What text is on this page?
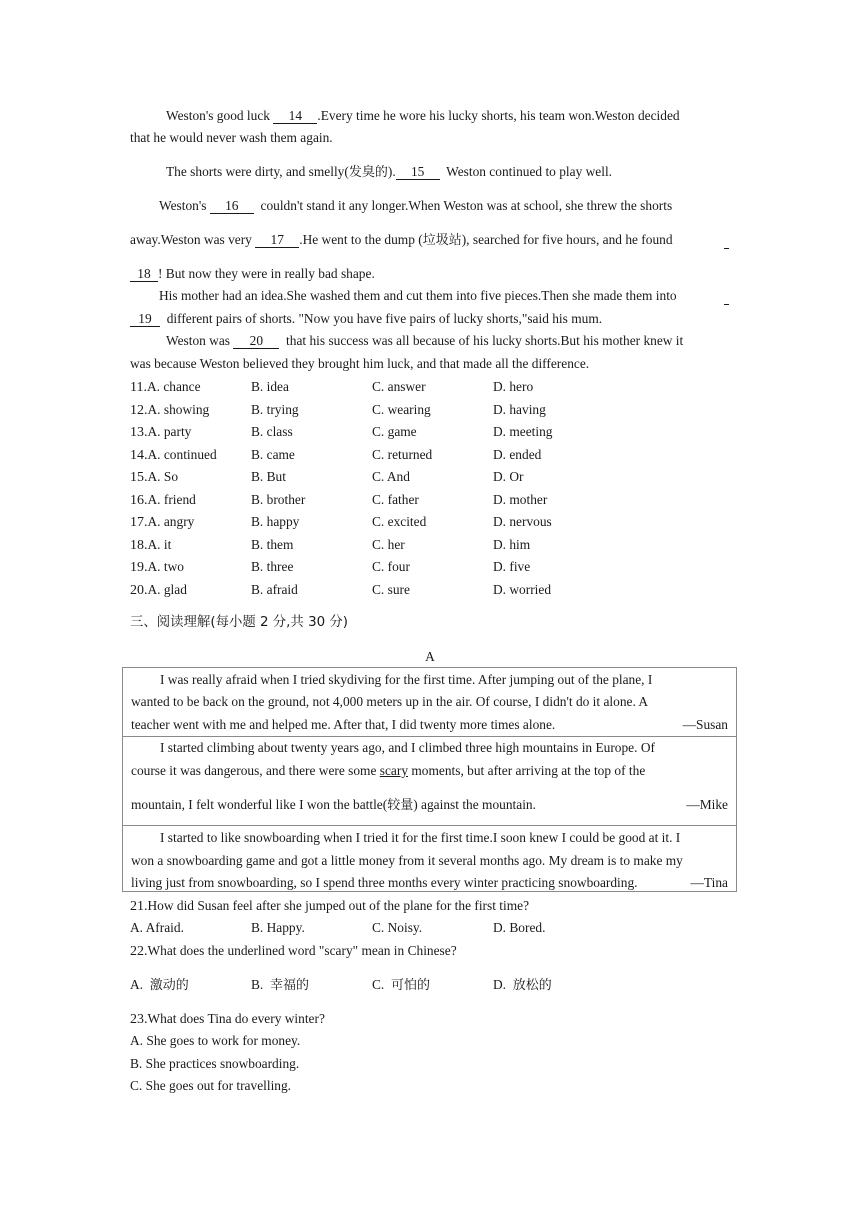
Weston's good luck 14 .Every time he wore his lucky shorts, his team won.Weston decided
that he would never wash them again.
The shorts were dirty, and smelly(发臭的). 15  Weston continued to play well.
Weston's 16  couldn't stand it any longer.When Weston was at school, she threw the shorts
away.Weston was very 17 .He went to the dump (垃圾站), searched for five hours, and he found
18 ! But now they were in really bad shape.
His mother had an idea.She washed them and cut them into five pieces.Then she made them into
19  different pairs of shorts. "Now you have five pairs of lucky shorts,"said his mum.
Weston was 20  that his success was all because of his lucky shorts.But his mother knew it
was because Weston believed they brought him luck, and that made all the difference.
11.A. chance	B. idea	C. answer	D. hero
12.A. showing	B. trying	C. wearing	D. having
13.A. party	B. class	C. game	D. meeting
14.A. continued	B. came	C. returned	D. ended
15.A. So	B. But	C. And	D. Or
16.A. friend	B. brother	C. father	D. mother
17.A. angry	B. happy	C. excited	D. nervous
18.A. it	B. them	C. her	D. him
19.A. two	B. three	C. four	D. five
20.A. glad	B. afraid	C. sure	D. worried
三、阅读理解(每小题 2 分,共 30 分)
A
I was really afraid when I tried skydiving for the first time. After jumping out of the plane, I
wanted to be back on the ground, not 4,000 meters up in the air. Of course, I didn't do it alone. A
teacher went with me and helped me. After that, I did twenty more times alone.	—Susan
I started climbing about twenty years ago, and I climbed three high mountains in Europe. Of
course it was dangerous, and there were some scary moments, but after arriving at the top of the
mountain, I felt wonderful like I won the battle(较量) against the mountain.	—Mike
I started to like snowboarding when I tried it for the first time.I soon knew I could be good at it. I
won a snowboarding game and got a little money from it several months ago. My dream is to make my
living just from snowboarding, so I spend three months every winter practicing snowboarding.	—Tina
21.How did Susan feel after she jumped out of the plane for the first time?
A. Afraid.	B. Happy.	C. Noisy.	D. Bored.
22.What does the underlined word "scary" mean in Chinese?
A. 激动的	B. 幸福的	C. 可怕的	D. 放松的
23.What does Tina do every winter?
A. She goes to work for money.
B. She practices snowboarding.
C. She goes out for travelling.
